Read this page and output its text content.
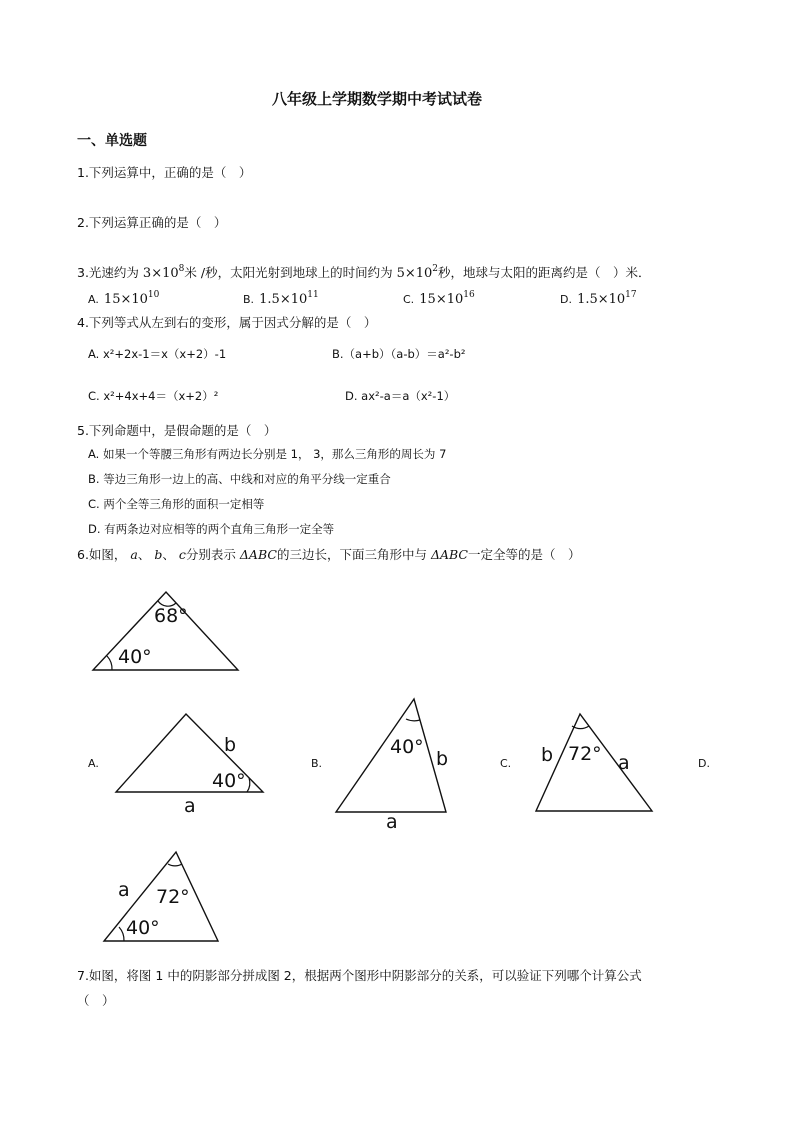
八年级上学期数学期中考试试卷
一、单选题
1.下列运算中，正确的是（　）
2.下列运算正确的是（　）
3.光速约为 $3\times 10^8$米 /秒，太阳光射到地球上的时间约为 $5\times 10^2$秒，地球与太阳的距离约是（　）米．
A. $15\times 10^{10}$	B. $1.5\times 10^{11}$	C. $15\times 10^{16}$	D. $1.5\times 10^{17}$
4.下列等式从左到右的变形，属于因式分解的是（　）
A. x²+2x-1＝x（x+2）-1	B.（a+b）（a-b）＝a²-b²
C. x²+4x+4＝（x+2）²	D. ax²-a＝a（x²-1）
5.下列命题中，是假命题的是（　）
A. 如果一个等腰三角形有两边长分别是 1， 3，那么三角形的周长为 7
B. 等边三角形一边上的高、中线和对应的角平分线一定重合
C. 两个全等三角形的面积一定相等
D. 有两条边对应相等的两个直角三角形一定全等
6.如图， a、 b、 c分别表示 ΔABC的三边长，下面三角形中与 ΔABC一定全等的是（　）
68°
40°
A.
40°
b
a
B.
40°
b
a
C.	72°
b	a	D.
72°
40°
a
7.如图，将图 1 中的阴影部分拼成图 2，根据两个图形中阴影部分的关系，可以验证下列哪个计算公式
（　）
